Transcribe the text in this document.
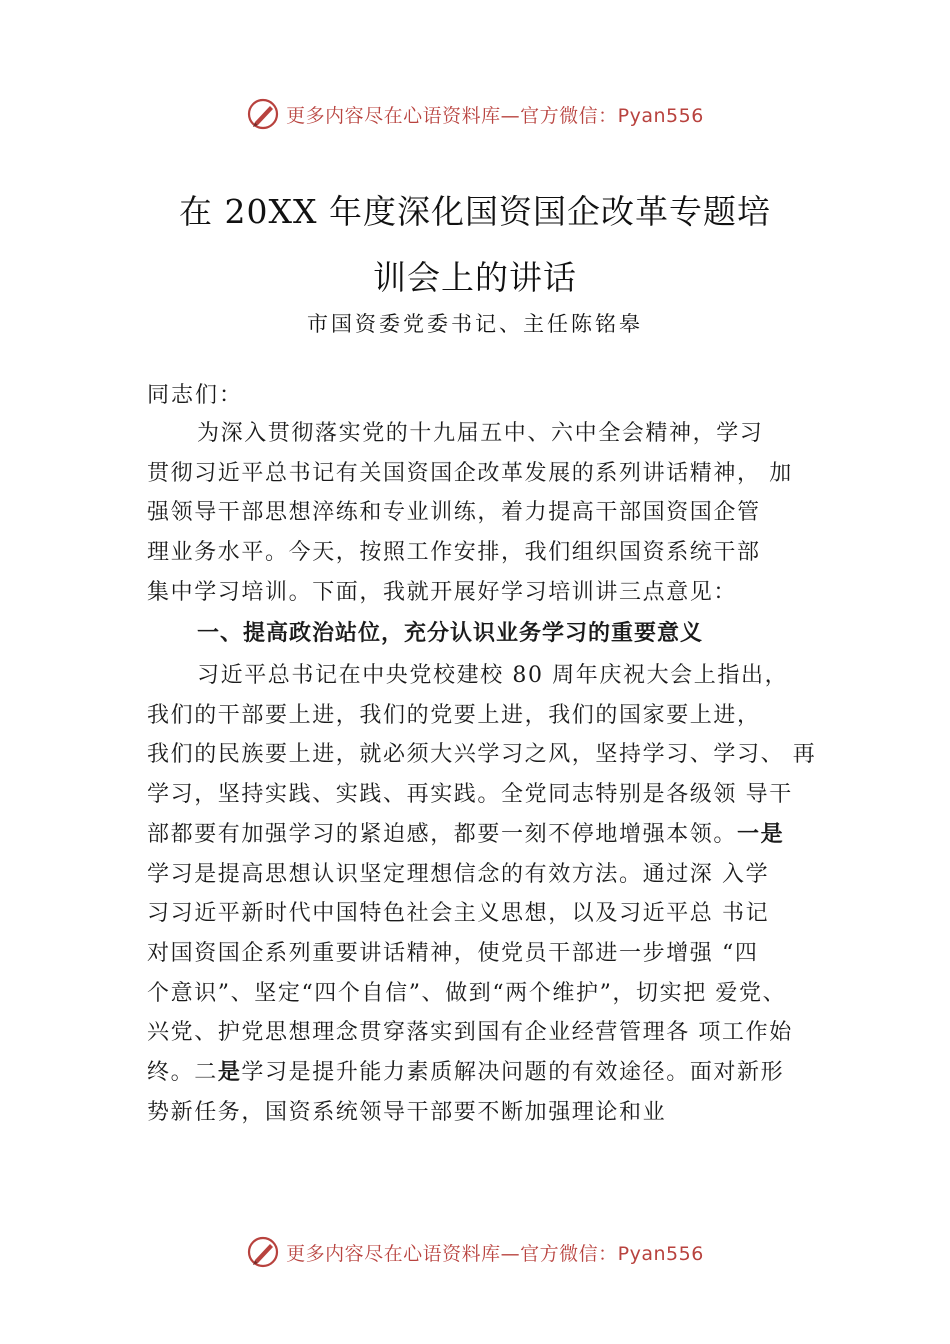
更多内容尽在心语资料库—官方微信：Pyan556
在 20XX 年度深化国资国企改革专题培
训会上的讲话
市国资委党委书记、主任陈铭皋
同志们：
为深入贯彻落实党的十九届五中、六中全会精神，学习
贯彻习近平总书记有关国资国企改革发展的系列讲话精神， 加
强领导干部思想淬练和专业训练，着力提高干部国资国企管
理业务水平。今天，按照工作安排，我们组织国资系统干部
集中学习培训。下面，我就开展好学习培训讲三点意见：
一、提高政治站位，充分认识业务学习的重要意义
习近平总书记在中央党校建校 80 周年庆祝大会上指出，
我们的干部要上进，我们的党要上进，我们的国家要上进，
我们的民族要上进，就必须大兴学习之风，坚持学习、学习、 再
学习，坚持实践、实践、再实践。全党同志特别是各级领 导干
部都要有加强学习的紧迫感，都要一刻不停地增强本领。一是
学习是提高思想认识坚定理想信念的有效方法。通过深 入学
习习近平新时代中国特色社会主义思想，以及习近平总 书记
对国资国企系列重要讲话精神，使党员干部进一步增强 “四
个意识”、坚定“四个自信”、做到“两个维护”，切实把 爱党、
兴党、护党思想理念贯穿落实到国有企业经营管理各 项工作始
终。二是学习是提升能力素质解决问题的有效途径。面对新形
势新任务，国资系统领导干部要不断加强理论和业
更多内容尽在心语资料库—官方微信：Pyan556
